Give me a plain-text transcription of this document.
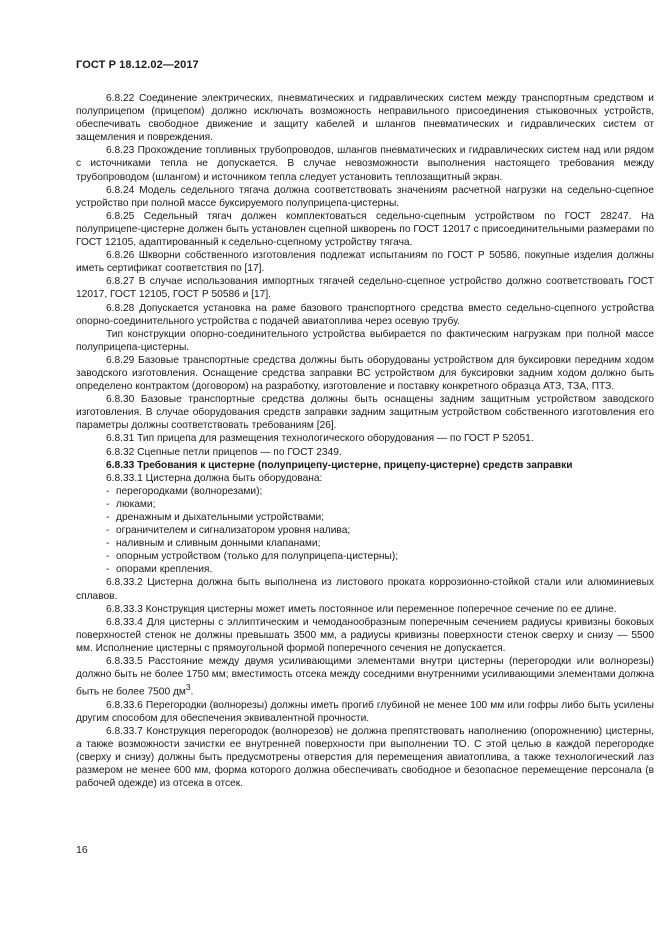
ГОСТ Р 18.12.02—2017

6.8.22 Соединение электрических, пневматических и гидравлических систем между транспортным средством и полуприцепом (прицепом) должно исключать возможность неправильного присоединения стыковочных устройств, обеспечивать свободное движение и защиту кабелей и шлангов пневматических и гидравлических систем от защемления и повреждения.

6.8.23 Прохождение топливных трубопроводов, шлангов пневматических и гидравлических систем над или рядом с источниками тепла не допускается. В случае невозможности выполнения настоящего требования между трубопроводом (шлангом) и источником тепла следует установить теплозащитный экран.

6.8.24 Модель седельного тягача должна соответствовать значениям расчетной нагрузки на седельно-сцепное устройство при полной массе буксируемого полуприцепа-цистерны.

6.8.25 Седельный тягач должен комплектоваться седельно-сцепным устройством по ГОСТ 28247. На полуприцепе-цистерне должен быть установлен сцепной шкворень по ГОСТ 12017 с присоединительными размерами по ГОСТ 12105, адаптированный к седельно-сцепному устройству тягача.

6.8.26 Шкворни собственного изготовления подлежат испытаниям по ГОСТ Р 50586, покупные изделия должны иметь сертификат соответствия по [17].

6.8.27 В случае использования импортных тягачей седельно-сцепное устройство должно соответствовать ГОСТ 12017, ГОСТ 12105, ГОСТ Р 50586 и [17].

6.8.28 Допускается установка на раме базового транспортного средства вместо седельно-сцепного устройства опорно-соединительного устройства с подачей авиатоплива через осевую трубу.

Тип конструкции опорно-соединительного устройства выбирается по фактическим нагрузкам при полной массе полуприцепа-цистерны.

6.8.29 Базовые транспортные средства должны быть оборудованы устройством для буксировки передним ходом заводского изготовления. Оснащение средства заправки ВС устройством для буксировки задним ходом должно быть определено контрактом (договором) на разработку, изготовление и поставку конкретного образца АТЗ, ТЗА, ПТЗ.

6.8.30 Базовые транспортные средства должны быть оснащены задним защитным устройством заводского изготовления. В случае оборудования средств заправки задним защитным устройством собственного изготовления его параметры должны соответствовать требованиям [26].

6.8.31 Тип прицепа для размещения технологического оборудования — по ГОСТ Р 52051.

6.8.32 Сцепные петли прицепов — по ГОСТ 2349.

6.8.33 Требования к цистерне (полуприцепу-цистерне, прицепу-цистерне) средств заправки

6.8.33.1 Цистерна должна быть оборудована:

- перегородками (волнорезами);
- люками;
- дренажным и дыхательными устройствами;
- ограничителем и сигнализатором уровня налива;
- наливным и сливным донными клапанами;
- опорным устройством (только для полуприцепа-цистерны);
- опорами крепления.

6.8.33.2 Цистерна должна быть выполнена из листового проката коррозионно-стойкой стали или алюминиевых сплавов.

6.8.33.3 Конструкция цистерны может иметь постоянное или переменное поперечное сечение по ее длине.

6.8.33.4 Для цистерны с эллиптическим и чемоданообразным поперечным сечением радиусы кривизны боковых поверхностей стенок не должны превышать 3500 мм, а радиусы кривизны поверхности стенок сверху и снизу — 5500 мм. Исполнение цистерны с прямоугольной формой поперечного сечения не допускается.

6.8.33.5 Расстояние между двумя усиливающими элементами внутри цистерны (перегородки или волнорезы) должно быть не более 1750 мм; вместимость отсека между соседними внутренними усиливающими элементами должна быть не более 7500 $дм^3$.

6.8.33.6 Перегородки (волнорезы) должны иметь прогиб глубиной не менее 100 мм или гофры либо быть усилены другим способом для обеспечения эквивалентной прочности.

6.8.33.7 Конструкция перегородок (волнорезов) не должна препятствовать наполнению (опорожнению) цистерны, а также возможности зачистки ее внутренней поверхности при выполнении ТО. С этой целью в каждой перегородке (сверху и снизу) должны быть предусмотрены отверстия для перемещения авиатоплива, а также технологический лаз размером не менее 600 мм, форма которого должна обеспечивать свободное и безопасное перемещение персонала (в рабочей одежде) из отсека в отсек.

16
